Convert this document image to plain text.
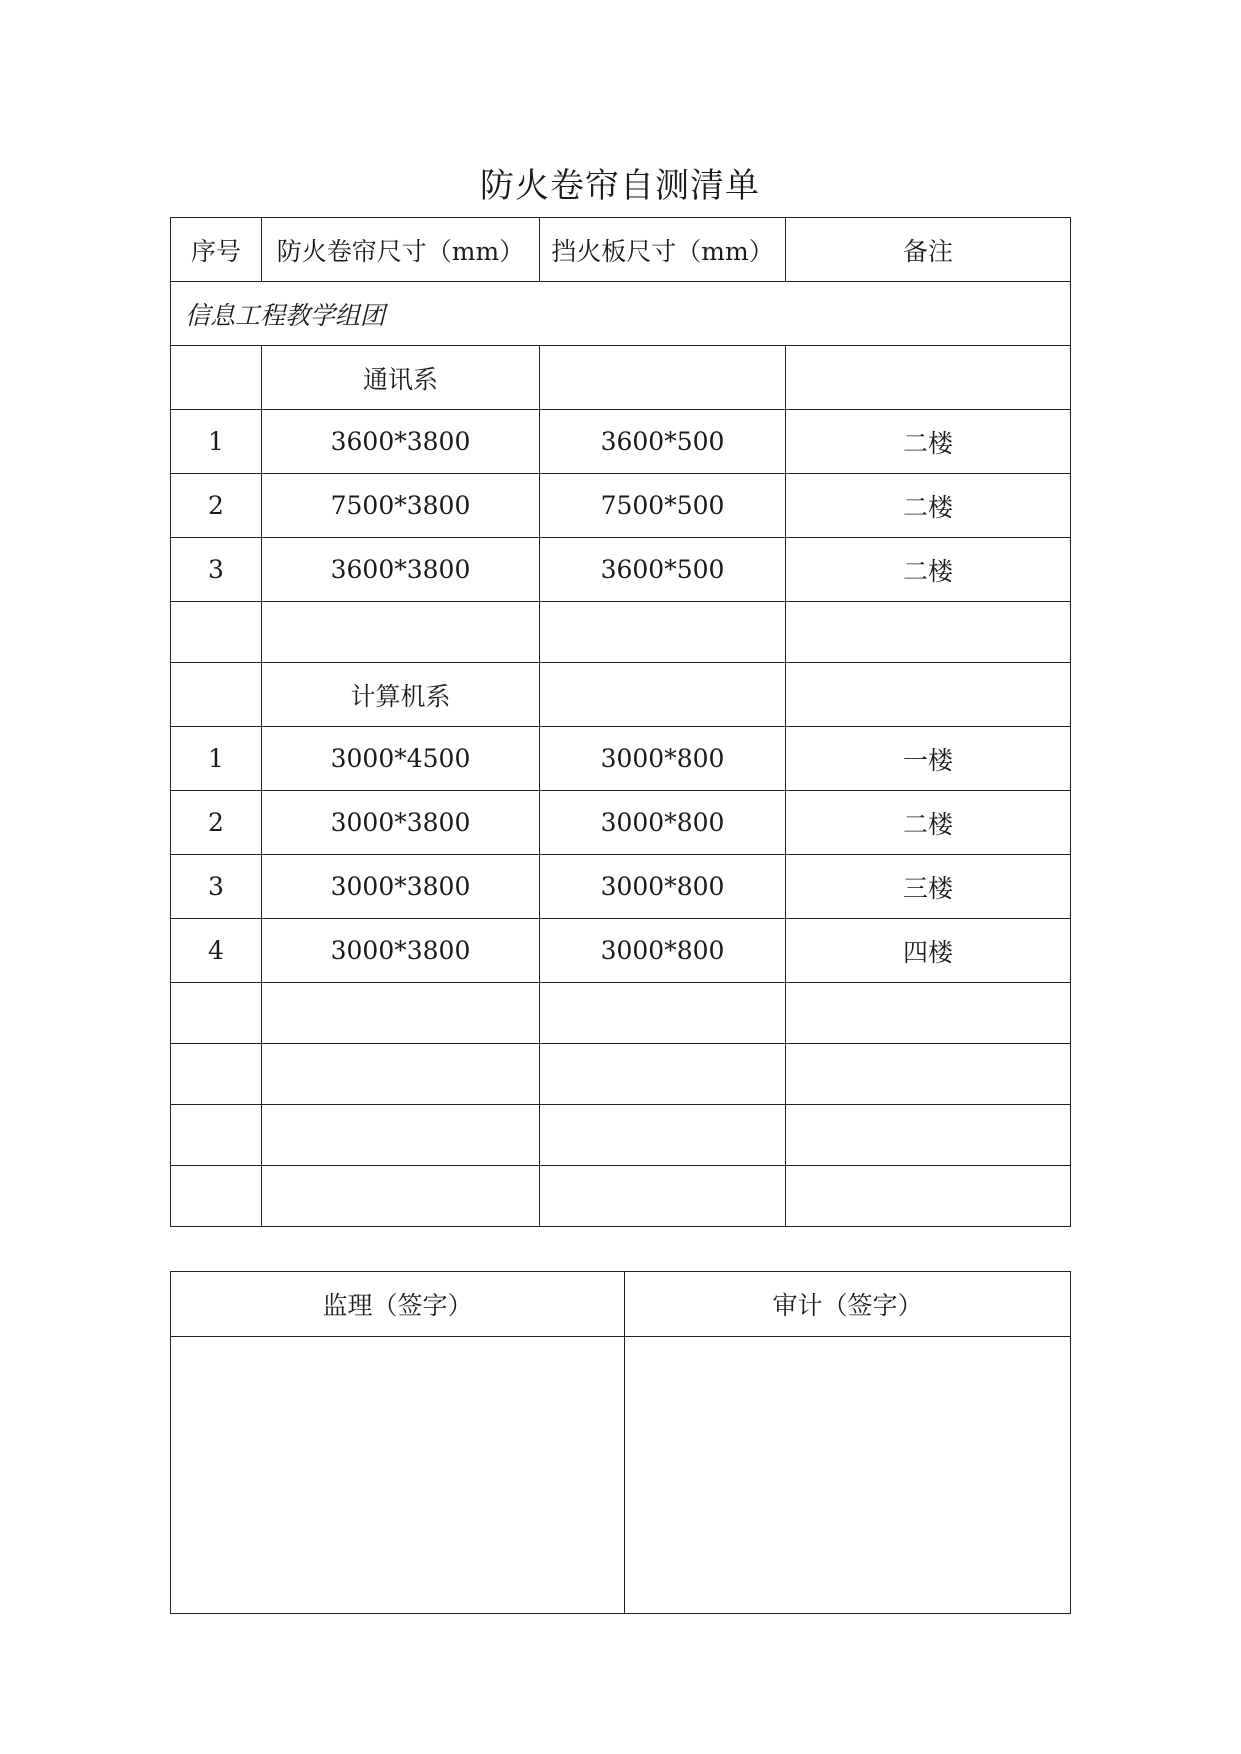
防火卷帘自测清单
序号	防火卷帘尺寸（mm）	挡火板尺寸（mm）	备注
信息工程教学组团			
	通讯系		
1	3600*3800	3600*500	二楼
2	7500*3800	7500*500	二楼
3	3600*3800	3600*500	二楼

	计算机系		
1	3000*4500	3000*800	一楼
2	3000*3800	3000*800	二楼
3	3000*3800	3000*800	三楼
4	3000*3800	3000*800	四楼

监理（签字）	审计（签字）
